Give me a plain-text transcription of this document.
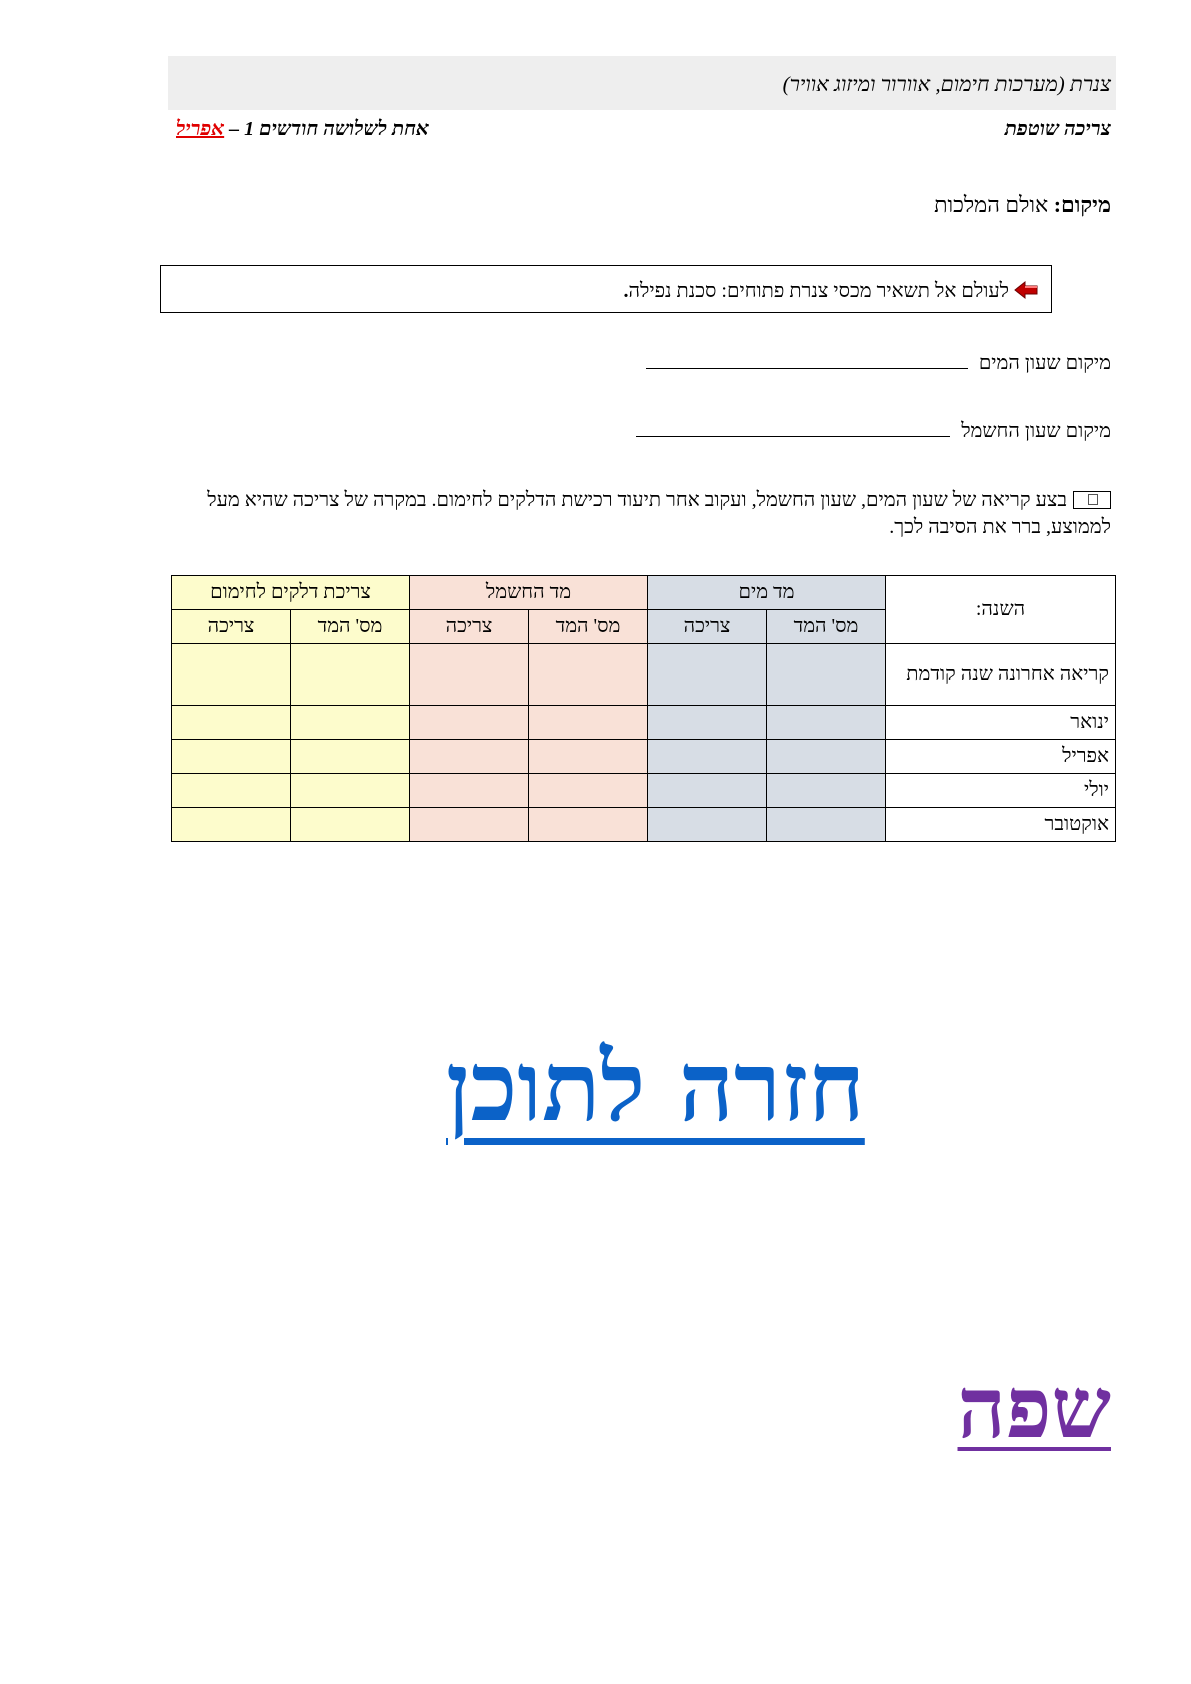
צנרת (מערכות חימום, אוורור ומיזוג אוויר)
צריכה שוטפת
אחת לשלושה חודשים 1 – אפריל
מיקום: אולם המלכות
לעולם אל תשאיר מכסי צנרת פתוחים: סכנת נפילה.
מיקום שעון המים
מיקום שעון החשמל
בצע קריאה של שעון המים, שעון החשמל, ועקוב אחר תיעוד רכישת הדלקים לחימום. במקרה של צריכה שהיא מעל לממוצע, ברר את הסיבה לכך.
השנה:	מד מים		מד החשמל		צריכת דלקים לחימום	
	מס' המד	צריכה	מס' המד	צריכה	מס' המד	צריכה
קריאה אחרונה שנה קודמת						
ינואר						
אפריל						
יולי						
אוקטובר						
חזרה לתוכן
שפה
